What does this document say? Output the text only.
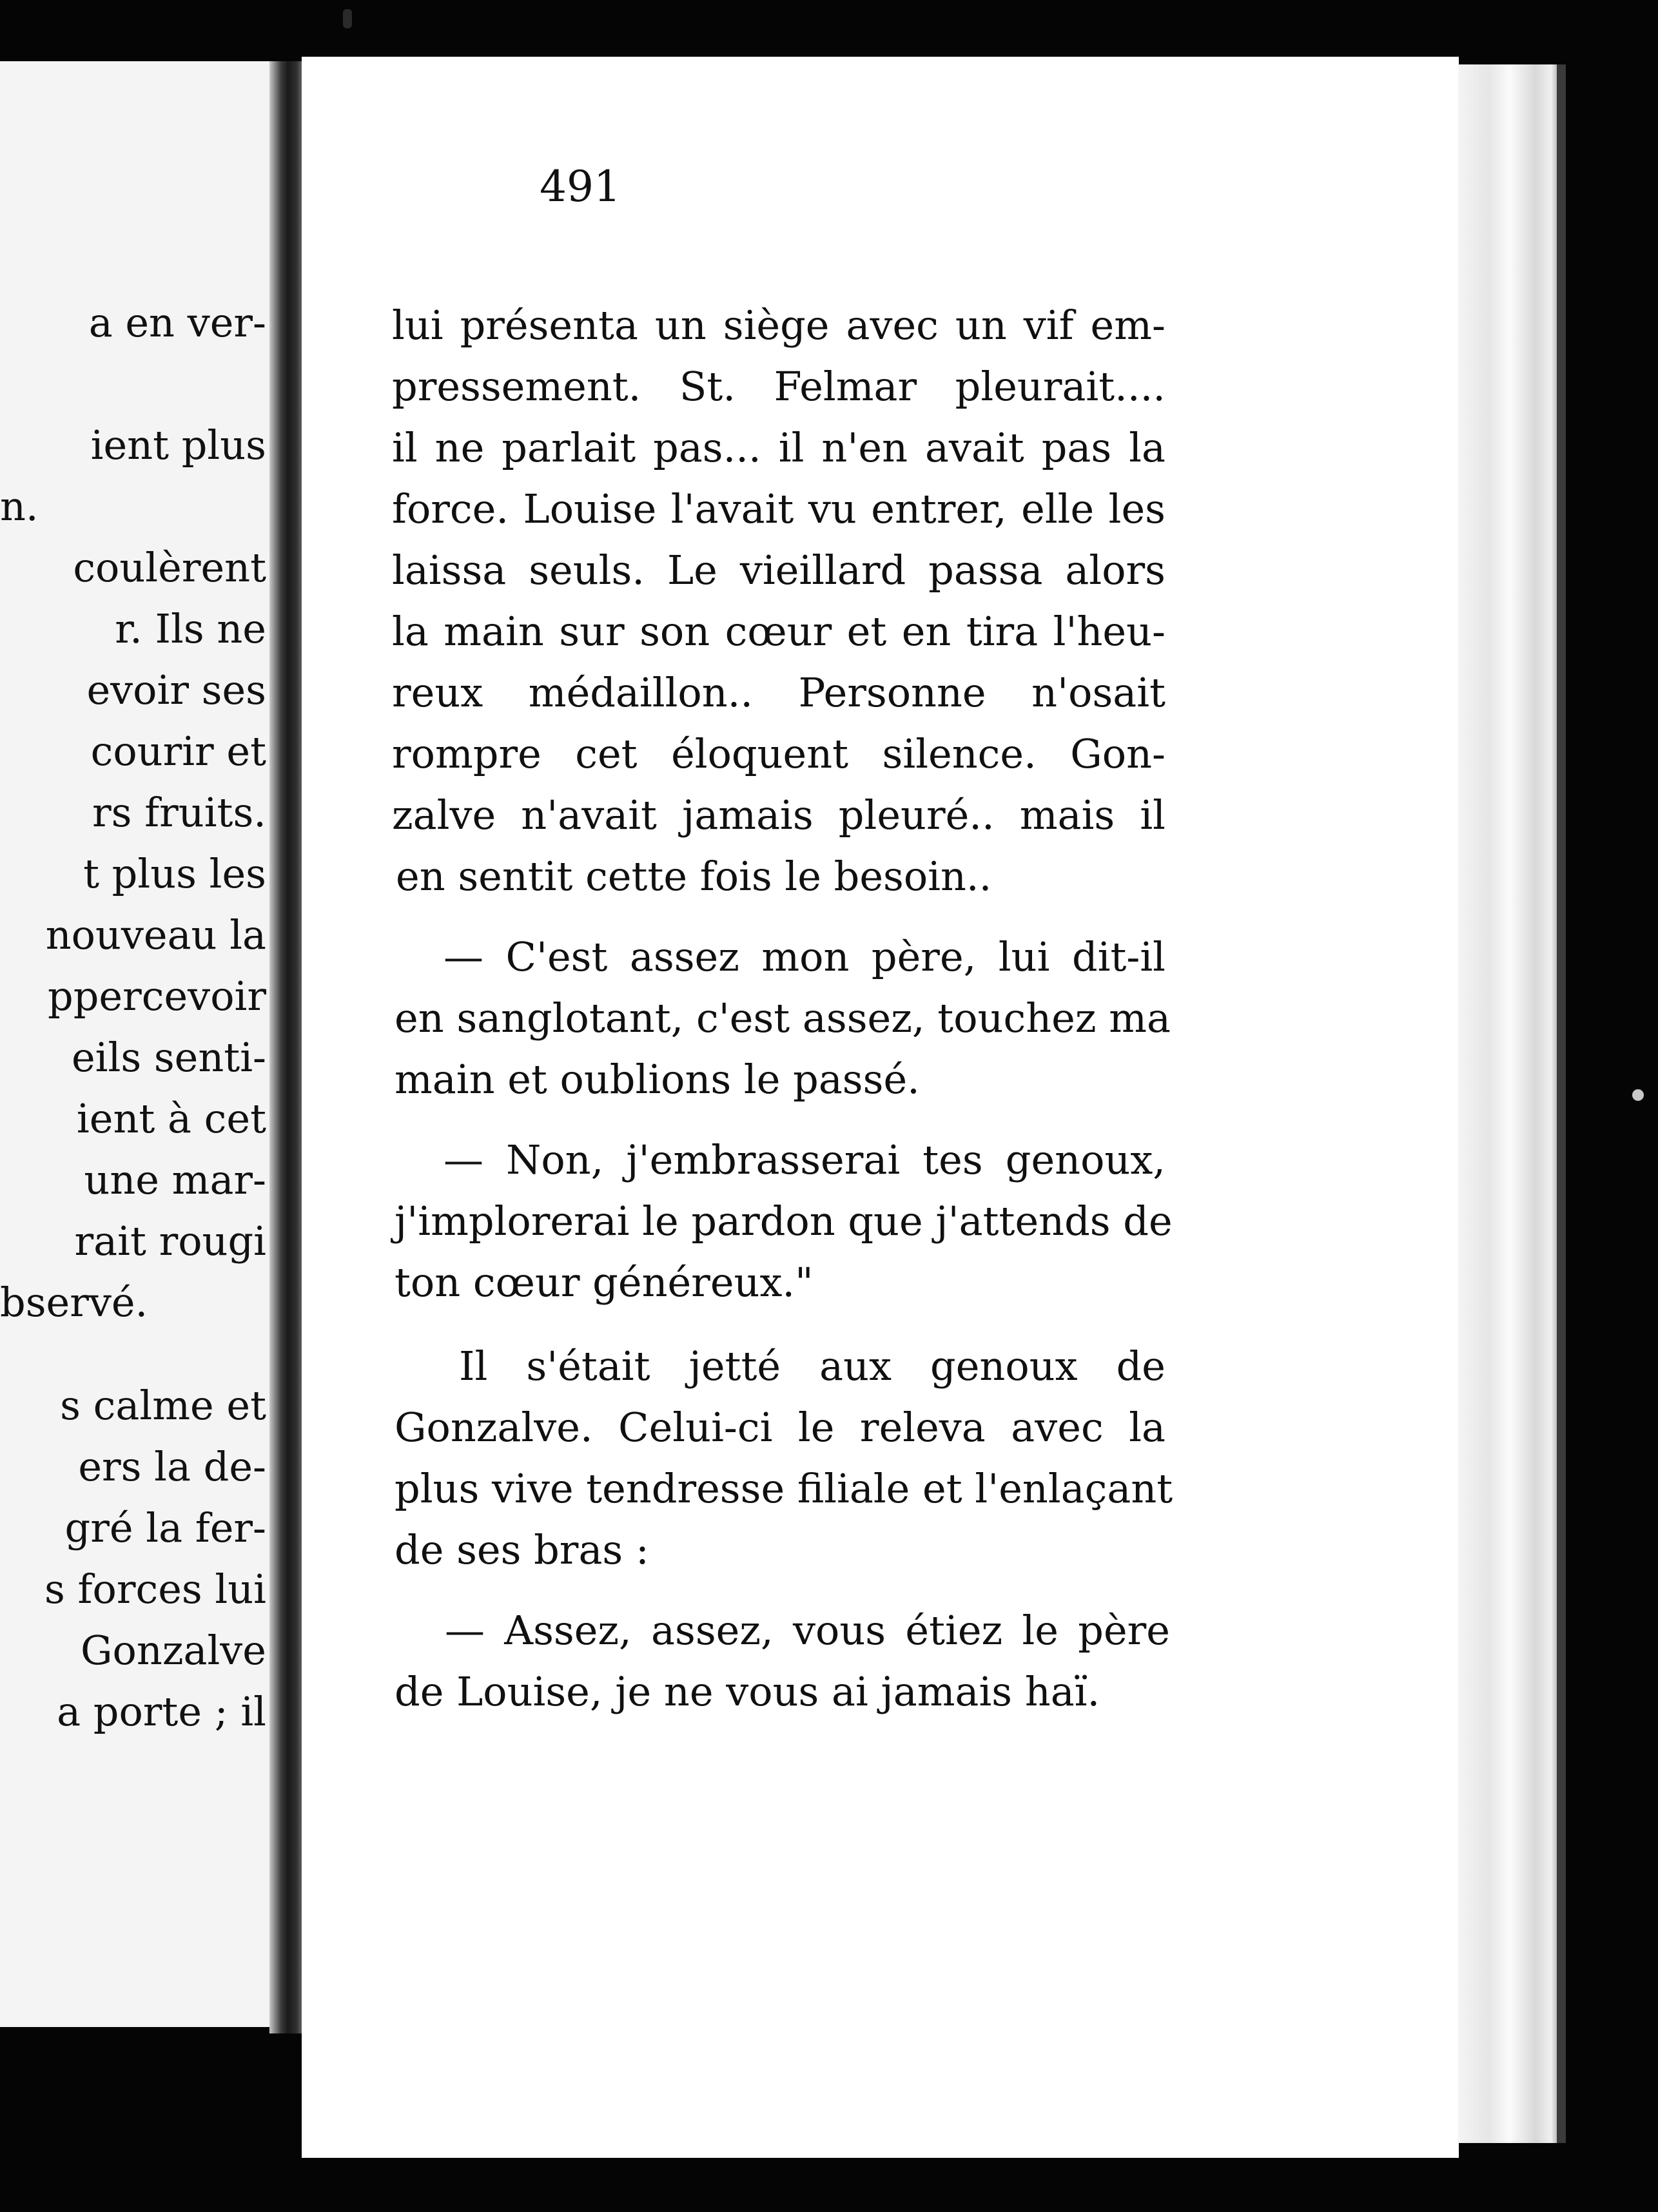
a en ver-
ient plus
n.
coulèrent
r. Ils ne
evoir ses
courir et
rs fruits.
t plus les
nouveau la
ppercevoir
eils senti-
ient à cet
une mar-
rait rougi
bservé.
s calme et
ers la de-
gré la fer-
s forces lui
Gonzalve
a porte ; il
491
lui présenta un siège avec un vif em-
pressement. St. Felmar pleurait....
il ne parlait pas... il n'en avait pas la
force. Louise l'avait vu entrer, elle les
laissa seuls. Le vieillard passa alors
la main sur son cœur et en tira l'heu-
reux médaillon.. Personne n'osait
rompre cet éloquent silence. Gon-
zalve n'avait jamais pleuré.. mais il
en sentit cette fois le besoin..
— C'est assez mon père, lui dit-il
en sanglotant, c'est assez, touchez ma
main et oublions le passé.
— Non, j'embrasserai tes genoux,
j'implorerai le pardon que j'attends de
ton cœur généreux."
Il s'était jetté aux genoux de
Gonzalve. Celui-ci le releva avec la
plus vive tendresse filiale et l'enlaçant
de ses bras :
— Assez, assez, vous étiez le père
de Louise, je ne vous ai jamais haï.
